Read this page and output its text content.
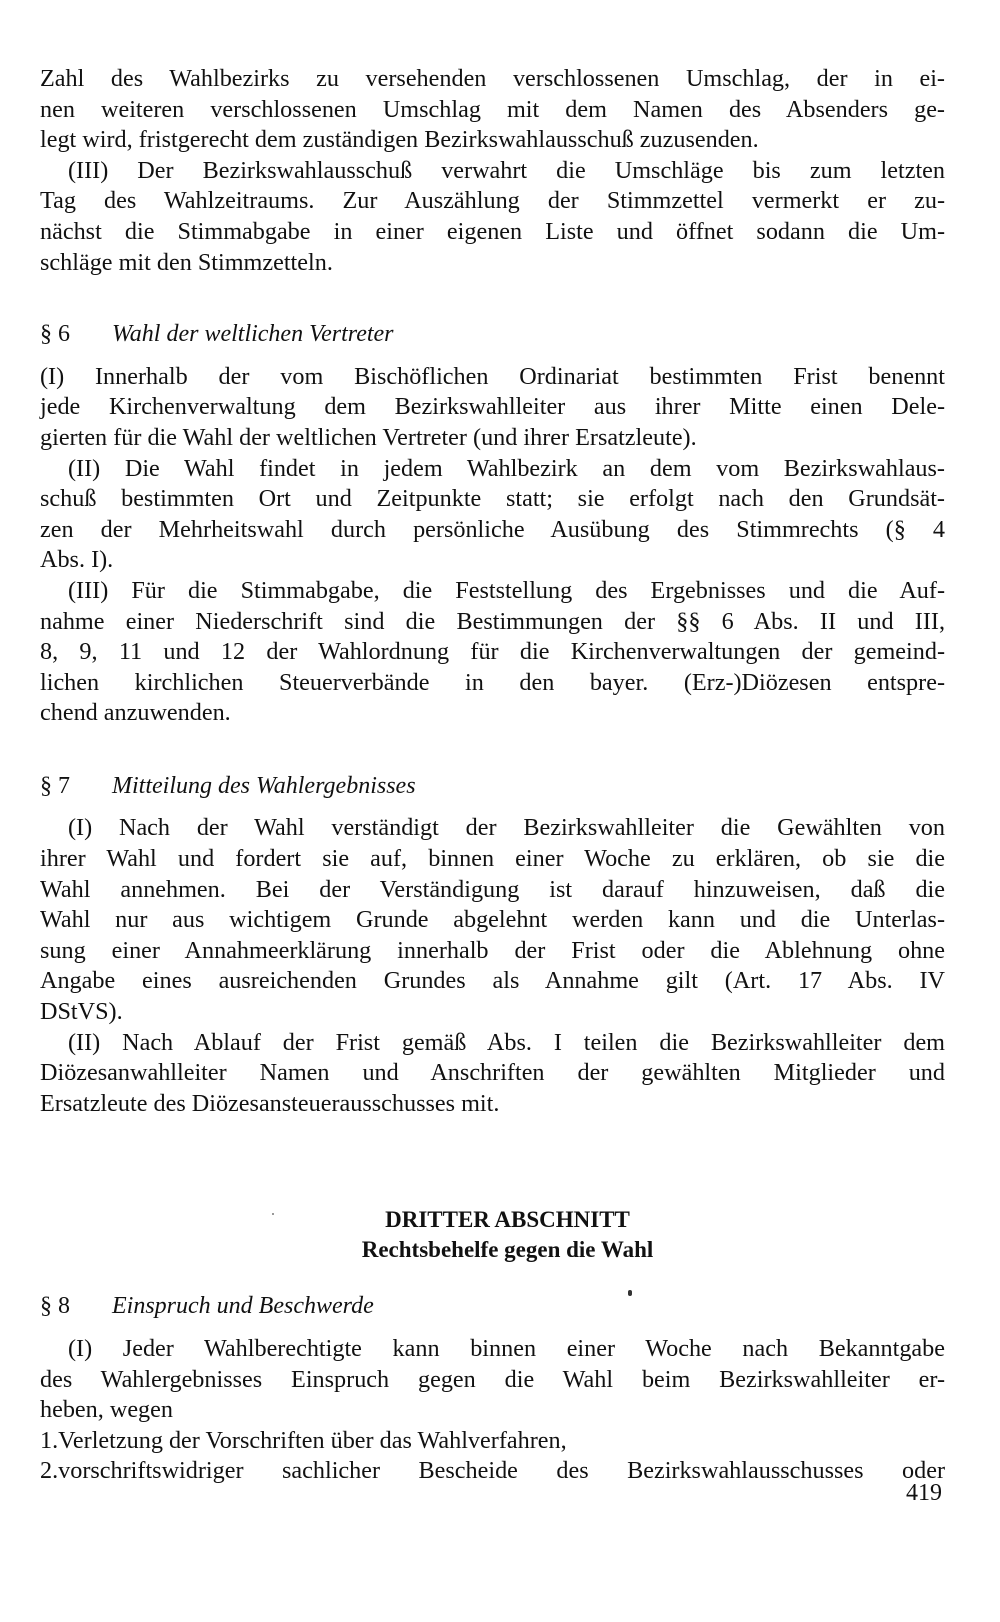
Zahl des Wahlbezirks zu versehenden verschlossenen Umschlag, der in ei-
nen weiteren verschlossenen Umschlag mit dem Namen des Absenders ge-
legt wird, fristgerecht dem zuständigen Bezirkswahlausschuß zuzusenden.

(III) Der Bezirkswahlausschuß verwahrt die Umschläge bis zum letzten
Tag des Wahlzeitraums. Zur Auszählung der Stimmzettel vermerkt er zu-
nächst die Stimmabgabe in einer eigenen Liste und öffnet sodann die Um-
schläge mit den Stimmzetteln.

§ 6	Wahl der weltlichen Vertreter

(I) Innerhalb der vom Bischöflichen Ordinariat bestimmten Frist benennt
jede Kirchenverwaltung dem Bezirkswahlleiter aus ihrer Mitte einen Dele-
gierten für die Wahl der weltlichen Vertreter (und ihrer Ersatzleute).

(II) Die Wahl findet in jedem Wahlbezirk an dem vom Bezirkswahlaus-
schuß bestimmten Ort und Zeitpunkte statt; sie erfolgt nach den Grundsät-
zen der Mehrheitswahl durch persönliche Ausübung des Stimmrechts (§ 4
Abs. I).

(III) Für die Stimmabgabe, die Feststellung des Ergebnisses und die Auf-
nahme einer Niederschrift sind die Bestimmungen der §§ 6 Abs. II und III,
8, 9, 11 und 12 der Wahlordnung für die Kirchenverwaltungen der gemeind-
lichen kirchlichen Steuerverbände in den bayer. (Erz-)Diözesen entspre-
chend anzuwenden.

§ 7	Mitteilung des Wahlergebnisses

(I) Nach der Wahl verständigt der Bezirkswahlleiter die Gewählten von
ihrer Wahl und fordert sie auf, binnen einer Woche zu erklären, ob sie die
Wahl annehmen. Bei der Verständigung ist darauf hinzuweisen, daß die
Wahl nur aus wichtigem Grunde abgelehnt werden kann und die Unterlas-
sung einer Annahmeerklärung innerhalb der Frist oder die Ablehnung ohne
Angabe eines ausreichenden Grundes als Annahme gilt (Art. 17 Abs. IV
DStVS).

(II) Nach Ablauf der Frist gemäß Abs. I teilen die Bezirkswahlleiter dem
Diözesanwahlleiter Namen und Anschriften der gewählten Mitglieder und
Ersatzleute des Diözesansteuerausschusses mit.

DRITTER ABSCHNITT

Rechtsbehelfe gegen die Wahl

§ 8	Einspruch und Beschwerde

(I) Jeder Wahlberechtigte kann binnen einer Woche nach Bekanntgabe
des Wahlergebnisses Einspruch gegen die Wahl beim Bezirkswahlleiter er-
heben, wegen

1.Verletzung der Vorschriften über das Wahlverfahren,
2.vorschriftswidriger sachlicher Bescheide des Bezirkswahlausschusses oder

419
